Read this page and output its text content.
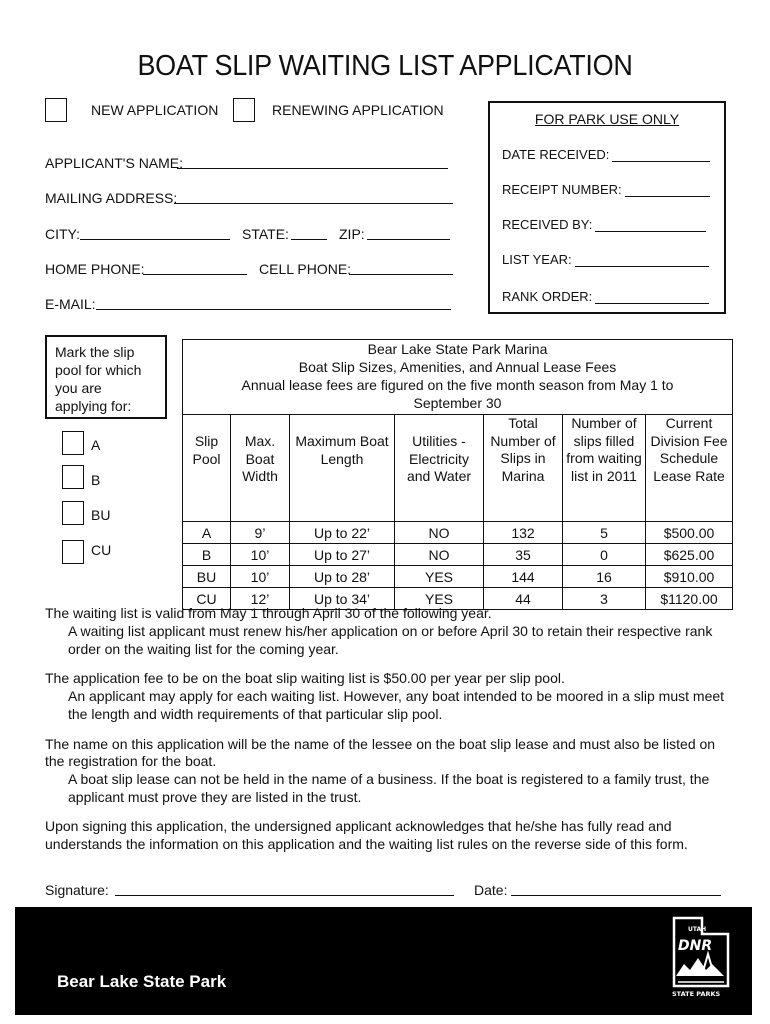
BOAT SLIP WAITING LIST APPLICATION
NEW APPLICATION	RENEWING APPLICATION
APPLICANT'S NAME:
MAILING ADDRESS:
CITY:	STATE:	ZIP:
HOME PHONE:	CELL PHONE:
E-MAIL:
FOR PARK USE ONLY
DATE RECEIVED:
RECEIPT NUMBER:
RECEIVED BY:
LIST YEAR:
RANK ORDER:
Mark the slip pool for which you are applying for:
A
B
BU
CU
Bear Lake State Park Marina
Boat Slip Sizes, Amenities, and Annual Lease Fees
Annual lease fees are figured on the five month season from May 1 to September 30						

Slip Pool	Max. Boat Width	Maximum Boat Length	Utilities - Electricity and Water	Total Number of Slips in Marina	Number of slips filled from waiting list in 2011	Current Division Fee Schedule Lease Rate
A	9’	Up to 22’	NO	132	5	$500.00
B	10’	Up to 27’	NO	35	0	$625.00
BU	10’	Up to 28’	YES	144	16	$910.00
CU	12’	Up to 34’	YES	44	3	$1120.00
The waiting list is valid from May 1 through April 30 of the following year.
A waiting list applicant must renew his/her application on or before April 30 to retain their respective rank order on the waiting list for the coming year.
The application fee to be on the boat slip waiting list is $50.00 per year per slip pool.
An applicant may apply for each waiting list. However, any boat intended to be moored in a slip must meet the length and width requirements of that particular slip pool.
The name on this application will be the name of the lessee on the boat slip lease and must also be listed on the registration for the boat.
A boat slip lease can not be held in the name of a business. If the boat is registered to a family trust, the applicant must prove they are listed in the trust.
Upon signing this application, the undersigned applicant acknowledges that he/she has fully read and understands the information on this application and the waiting list rules on the reverse side of this form.
Signature:	Date:
Bear Lake State Park
UTAH
DNR
STATE PARKS
